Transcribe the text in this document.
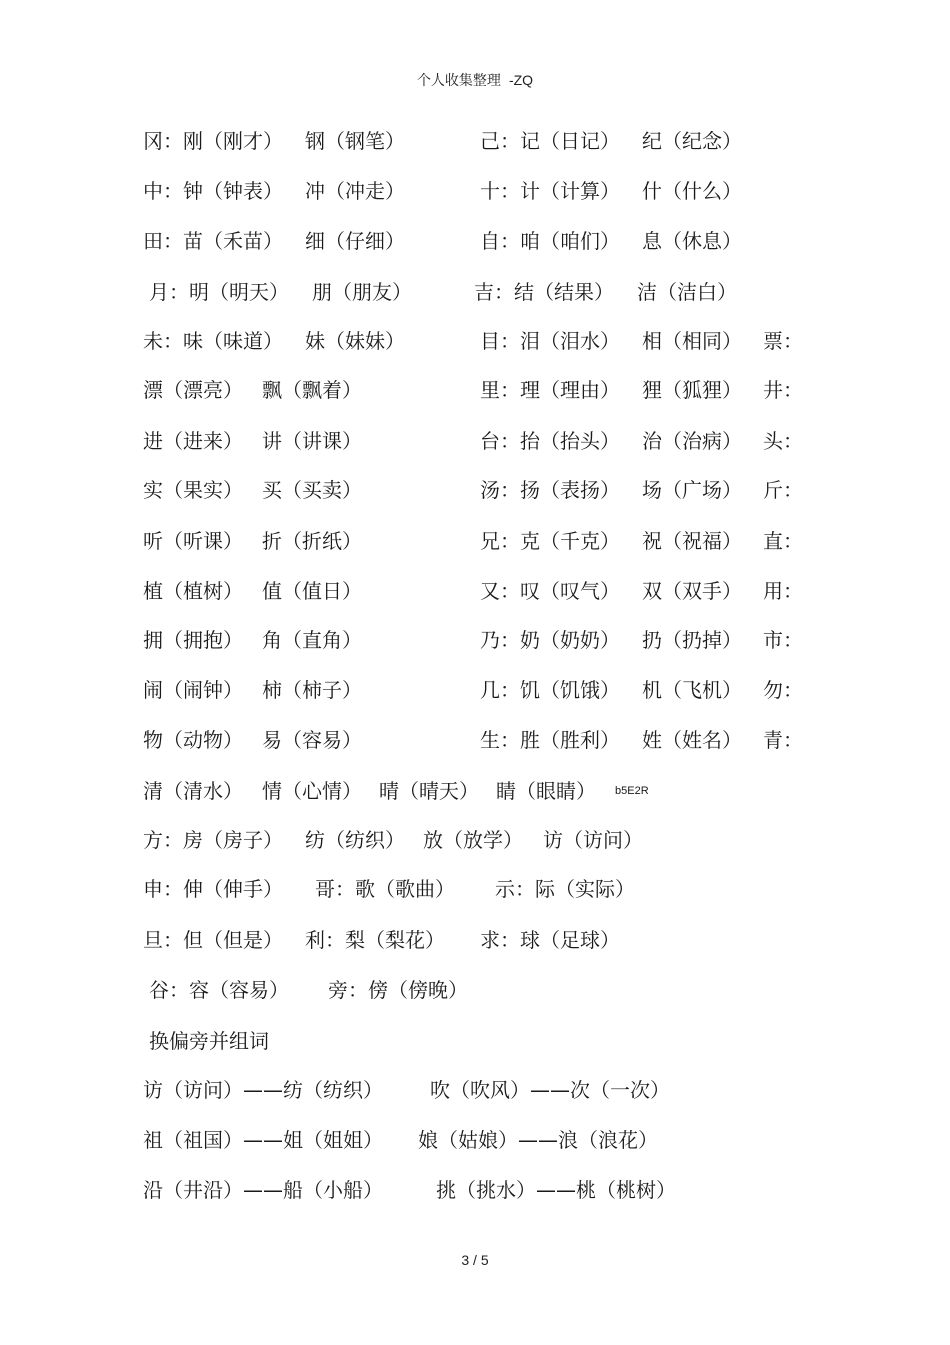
个人收集整理 -ZQ
冈：刚（刚才） 钢（钢笔）	己：记（日记） 纪（纪念）
中：钟（钟表） 冲（冲走）	十：计（计算） 什（什么）
田：苗（禾苗） 细（仔细）	自：咱（咱们） 息（休息）
月：明（明天） 朋（朋友）	吉：结（结果） 洁（洁白）
未：味（味道） 妹（妹妹）	目：泪（泪水） 相（相同） 票：
漂（漂亮） 飘（飘着）	里：理（理由） 狸（狐狸） 井：
进（进来） 讲（讲课）	台：抬（抬头） 治（治病） 头：
实（果实） 买（买卖）	汤：扬（表扬） 场（广场） 斤：
听（听课） 折（折纸）	兄：克（千克） 祝（祝福） 直：
植（植树） 值（值日）	又：叹（叹气） 双（双手） 用：
拥（拥抱） 角（直角）	乃：奶（奶奶） 扔（扔掉） 市：
闹（闹钟） 柿（柿子）	几：饥（饥饿） 机（飞机） 勿：
物（动物） 易（容易）	生：胜（胜利） 姓（姓名） 青：
清（清水） 情（心情） 晴（晴天） 睛（眼睛） b5E2R
方：房（房子） 纺（纺织） 放（放学） 访（访问）
申：伸（伸手） 哥：歌（歌曲） 示：际（实际）
旦：但（但是） 利：梨（梨花） 求：球（足球）
谷：容（容易） 旁：傍（傍晚）
换偏旁并组词
访（访问）——纺（纺织） 吹（吹风）——次（一次）
祖（祖国）——姐（姐姐） 娘（姑娘）——浪（浪花）
沿（井沿）——船（小船）	挑（挑水）——桃（桃树）
3 / 5
